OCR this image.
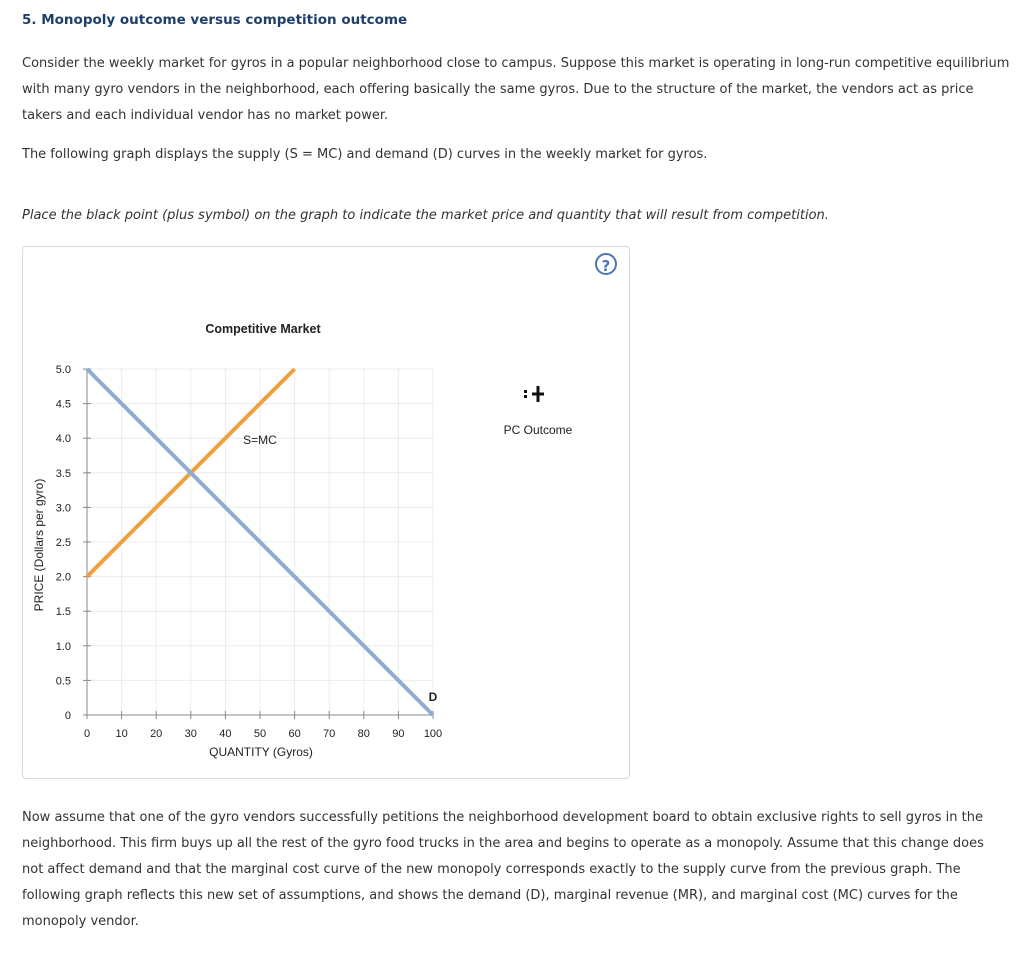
5. Monopoly outcome versus competition outcome

Consider the weekly market for gyros in a popular neighborhood close to campus. Suppose this market is operating in long-run competitive equilibrium with many gyro vendors in the neighborhood, each offering basically the same gyros. Due to the structure of the market, the vendors act as price takers and each individual vendor has no market power.

The following graph displays the supply (S = MC) and demand (D) curves in the weekly market for gyros.

Place the black point (plus symbol) on the graph to indicate the market price and quantity that will result from competition.
?
Competitive Market
0 10 20 30 40 50 60 70 80 90 100
0
0.5
1.0
1.5
2.0
2.5
3.0
3.5
4.0
4.5
5.0
S=MC
D
QUANTITY (Gyros)
PRICE (Dollars per gyro)
PC Outcome

Now assume that one of the gyro vendors successfully petitions the neighborhood development board to obtain exclusive rights to sell gyros in the neighborhood. This firm buys up all the rest of the gyro food trucks in the area and begins to operate as a monopoly. Assume that this change does not affect demand and that the marginal cost curve of the new monopoly corresponds exactly to the supply curve from the previous graph. The following graph reflects this new set of assumptions, and shows the demand (D), marginal revenue (MR), and marginal cost (MC) curves for the monopoly vendor.
